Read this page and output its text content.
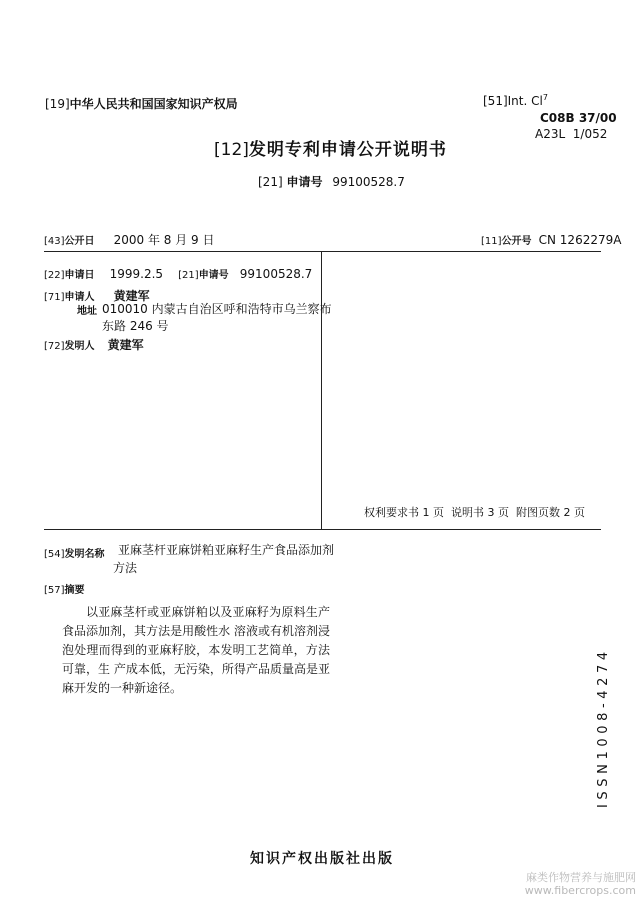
[19]中华人民共和国国家知识产权局	[51]Int. Cl$^7$
C08B 37/00
A23L  1/052
[12]发明专利申请公开说明书
[21] 申请号 99100528.7
[43]公开日 2000 年 8 月 9 日	[11]公开号 CN 1262279A
[22]申请日 1999.2.5 [21]申请号 99100528.7
[71]申请人 黄建军
地址 010010 内蒙古自治区呼和浩特市乌兰察布
东路 246 号
[72]发明人 黄建军
权利要求书 1 页  说明书 3 页  附图页数 2 页
[54]发明名称 亚麻茎杆亚麻饼粕亚麻籽生产食品添加剂
方法
[57]摘要
以亚麻茎杆或亚麻饼粕以及亚麻籽为原料生产食品添加剂，其方法是用酸性水 溶液或有机溶剂浸泡处理而得到的亚麻籽胶，本发明工艺简单，方法可靠，生 产成本低，无污染，所得产品质量高是亚麻开发的一种新途径。	ISSN1008-4274
知识产权出版社出版
麻类作物营养与施肥网
www.fibercrops.com
